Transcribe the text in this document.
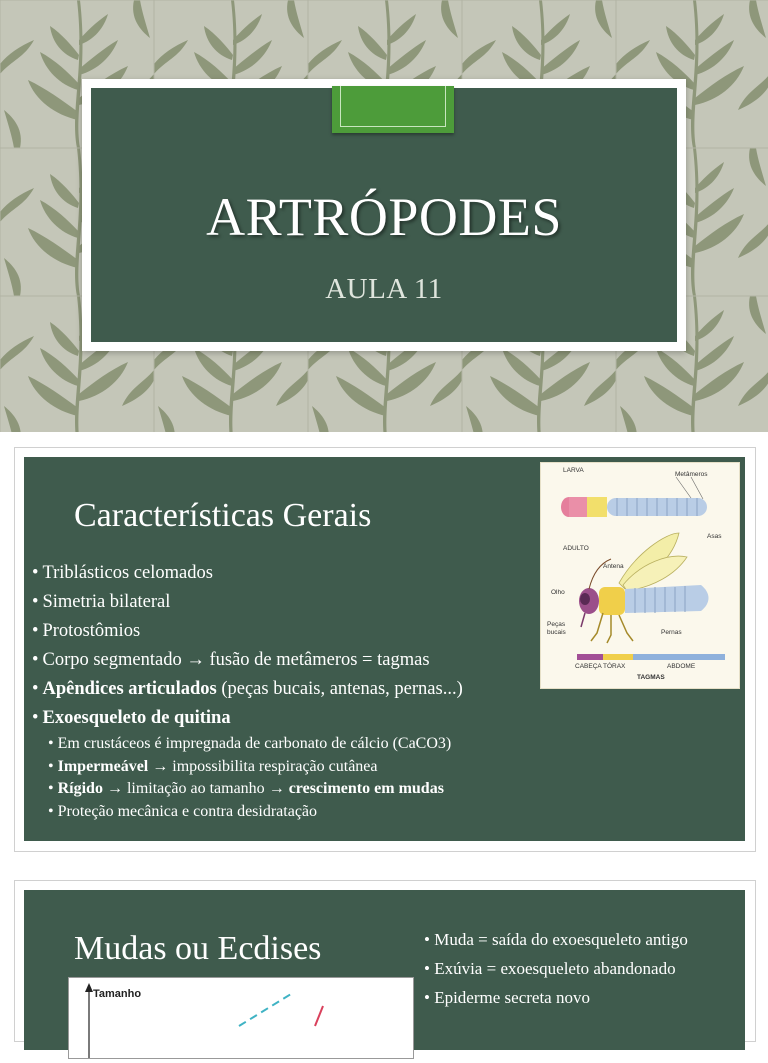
ARTRÓPODES
AULA 11
Características Gerais
• Triblásticos celomados
• Simetria bilateral
• Protostômios
• Corpo segmentado → fusão de metâmeros = tagmas
• Apêndices articulados (peças bucais, antenas, pernas...)
• Exoesqueleto de quitina
• Em crustáceos é impregnada de carbonato de cálcio (CaCO3)
• Impermeável → impossibilita respiração cutânea
• Rígido → limitação ao tamanho → crescimento em mudas
• Proteção mecânica e contra desidratação
LARVA
Metâmeros
ADULTO
Asas
Antena
Olho
Peças bucais	Pernas
CABEÇA TÓRAX	ABDOME
TAGMAS
Mudas ou Ecdises
Tamanho
• Muda = saída do exoesqueleto antigo
• Exúvia = exoesqueleto abandonado
• Epiderme secreta novo
